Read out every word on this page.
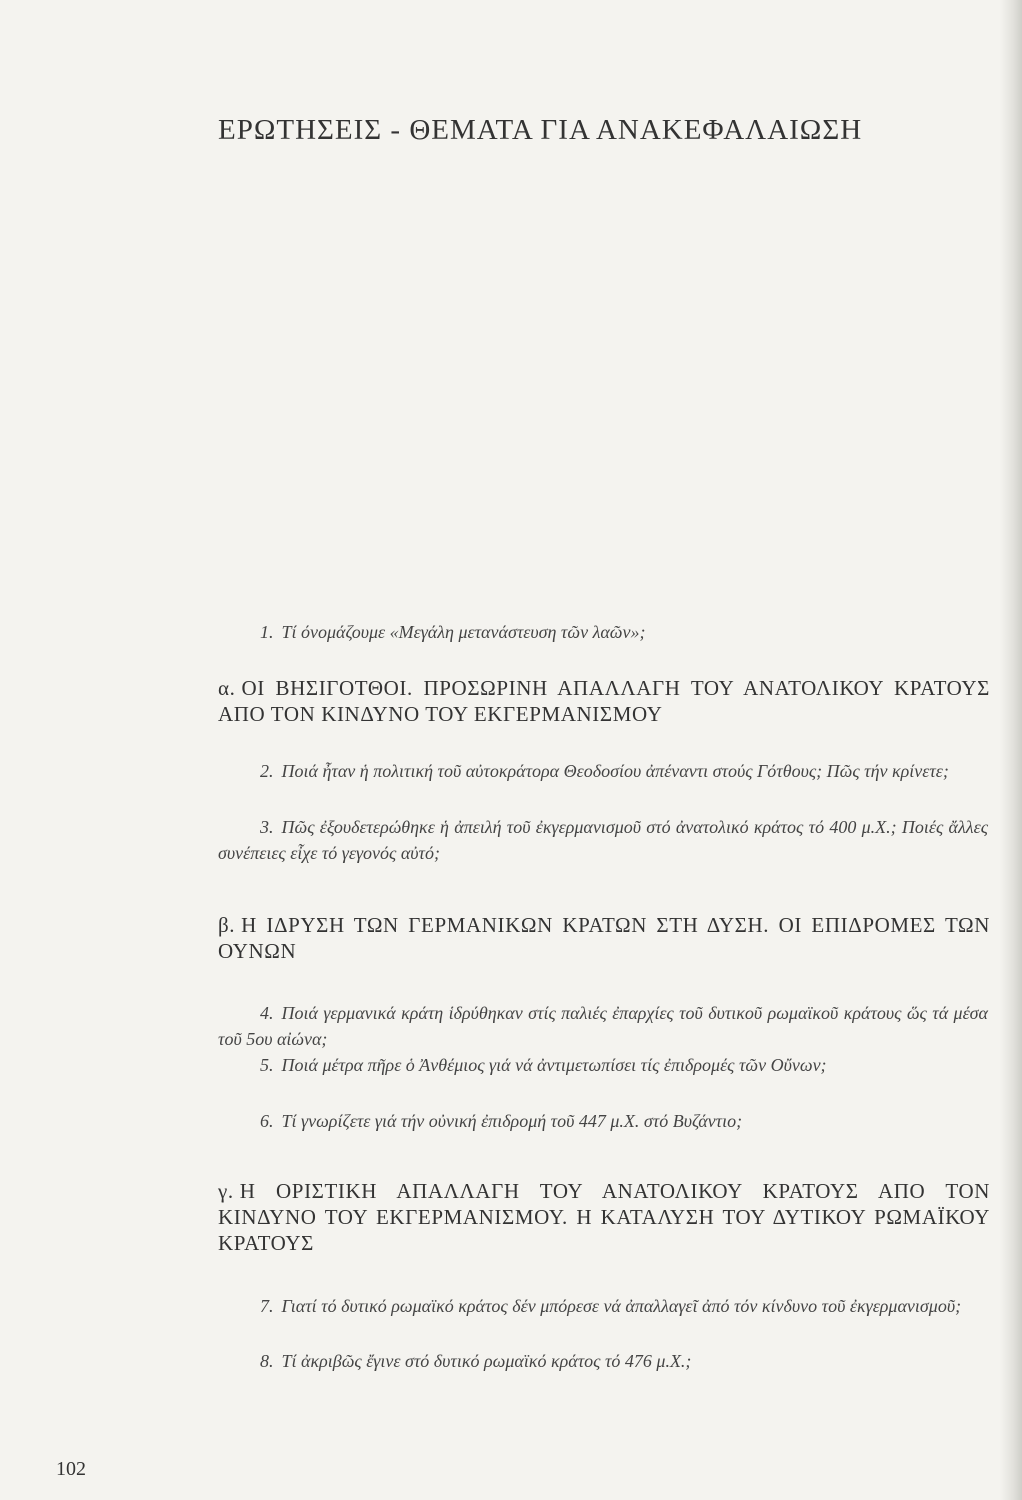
ΕΡΩΤΗΣΕΙΣ - ΘΕΜΑΤΑ ΓΙΑ ΑΝΑΚΕΦΑΛΑΙΩΣΗ

1. Τί όνομάζουμε «Μεγάλη μετανάστευση τῶν λαῶν»;

α. ΟΙ ΒΗΣΙΓΟΤΘΟΙ. ΠΡΟΣΩΡΙΝΗ ΑΠΑΛΛΑΓΗ ΤΟΥ ΑΝΑΤΟΛΙΚΟΥ ΚΡΑΤΟΥΣ ΑΠΟ ΤΟΝ ΚΙΝΔΥΝΟ ΤΟΥ ΕΚΓΕΡΜΑΝΙΣΜΟΥ

2. Ποιά ἦταν ἡ πολιτική τοῦ αὐτοκράτορα Θεοδοσίου ἀπέναντι στούς Γότθους; Πῶς τήν κρίνετε;

3. Πῶς ἐξουδετερώθηκε ἡ ἀπειλή τοῦ ἐκγερμανισμοῦ στό ἀνατολικό κράτος τό 400 μ.Χ.; Ποιές ἄλλες συνέπειες εἶχε τό γεγονός αὐτό;

β. Η ΙΔΡΥΣΗ ΤΩΝ ΓΕΡΜΑΝΙΚΩΝ ΚΡΑΤΩΝ ΣΤΗ ΔΥΣΗ. ΟΙ ΕΠΙΔΡΟΜΕΣ ΤΩΝ ΟΥΝΩΝ

4. Ποιά γερμανικά κράτη ἱδρύθηκαν στίς παλιές ἐπαρχίες τοῦ δυτικοῦ ρωμαϊκοῦ κράτους ὥς τά μέσα τοῦ 5ου αἰώνα;

5. Ποιά μέτρα πῆρε ὁ Ἀνθέμιος γιά νά ἀντιμετωπίσει τίς ἐπιδρομές τῶν Οὔνων;

6. Τί γνωρίζετε γιά τήν οὐνική ἐπιδρομή τοῦ 447 μ.Χ. στό Βυζάντιο;

γ. Η ΟΡΙΣΤΙΚΗ ΑΠΑΛΛΑΓΗ ΤΟΥ ΑΝΑΤΟΛΙΚΟΥ ΚΡΑΤΟΥΣ ΑΠΟ ΤΟΝ ΚΙΝΔΥΝΟ ΤΟΥ ΕΚΓΕΡΜΑΝΙΣΜΟΥ. Η ΚΑΤΑΛΥΣΗ ΤΟΥ ΔΥΤΙΚΟΥ ΡΩΜΑΪΚΟΥ ΚΡΑΤΟΥΣ

7. Γιατί τό δυτικό ρωμαϊκό κράτος δέν μπόρεσε νά ἀπαλλαγεῖ ἀπό τόν κίνδυνο τοῦ ἐκγερμανισμοῦ;

8. Τί ἀκριβῶς ἔγινε στό δυτικό ρωμαϊκό κράτος τό 476 μ.Χ.;

102
